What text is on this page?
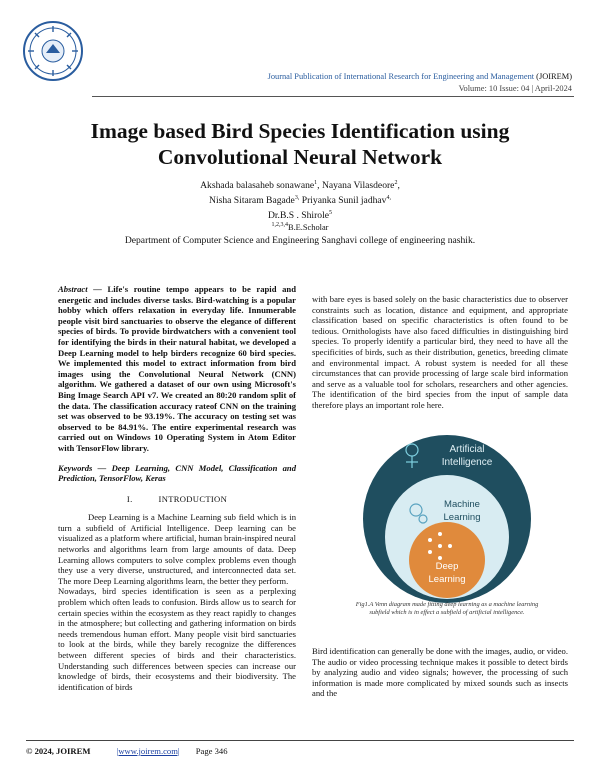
Journal Publication of International Research for Engineering and Management (JOIREM)
Volume: 10 Issue: 04 | April-2024
Image based Bird Species Identification using
Convolutional Neural Network
Akshada balasaheb sonawane$^1$, Nayana Vilasdeore$^2$,
Nisha Sitaram Bagade$^{3,}$ Priyanka Sunil jadhav$^{4,}$
Dr.B.S . Shirole$^5$
$^{1,2,3,4}$B.E.Scholar
Department of Computer Science and Engineering Sanghavi college of engineering nashik.

Abstract — Life's routine tempo appears to be rapid and energetic and includes diverse tasks. Bird-watching is a popular hobby which offers relaxation in everyday life. Innumerable people visit bird sanctuaries to observe the elegance of different species of birds. To provide birdwatchers with a convenient tool for identifying the birds in their natural habitat, we developed a Deep Learning model to help birders recognize 60 bird species. We implemented this model to extract information from bird images using the Convolutional Neural Network (CNN) algorithm. We gathered a dataset of our own using Microsoft's Bing Image Search API v7. We created an 80:20 random split of the data. The classification accuracy rateof CNN on the training set was observed to be 93.19%. The accuracy on testing set was observed to be 84.91%. The entire experimental research was carried out on Windows 10 Operating System in Atom Editor with TensorFlow library.

Keywords — Deep Learning, CNN Model, Classification and Prediction, TensorFlow, Keras

I.	INTRODUCTION

Deep Learning is a Machine Learning sub field which is in turn a subfield of Artificial Intelligence. Deep learning can be visualized as a platform where artificial, human brain-inspired neural networks and algorithms learn from large amounts of data. Deep Learning allows computers to solve complex problems even though they use a very diverse, unstructured, and interconnected data set. The more Deep Learning algorithms learn, the better they perform.

Nowadays, bird species identification is seen as a perplexing problem which often leads to confusion. Birds allow us to search for certain species within the ecosystem as they react rapidly to changes in the atmosphere; but collecting and gathering information on birds needs tremendous human effort. Many people visit bird sanctuaries to look at the birds, while they barely recognize the differences between different species of birds and their characteristics. Understanding such differences between species can increase our knowledge of birds, their ecosystems and their biodiversity. The identification of birds

with bare eyes is based solely on the basic characteristics due to observer constraints such as location, distance and equipment, and appropriate classification based on specific characteristics is often found to be tedious. Ornithologists have also faced difficulties in distinguishing bird species. To properly identify a particular bird, they need to have all the specificities of birds, such as their distribution, genetics, breeding climate and environmental impact. A robust system is needed for all these circumstances that can provide processing of large scale bird information and serve as a valuable tool for scholars, researchers and other agencies. The identification of the bird species from the input of sample data therefore plays an important role here.

Artificial
Intelligence
Machine
Learning
Deep
Learning
Fig1.A Venn diagram made fitting deep learning as a machine learning
subfield which is in effect a subfield of artificial intelligence.

Bird identification can generally be done with the images, audio, or video. The audio or video processing technique makes it possible to detect birds by analyzing audio and video signals; however, the processing of such information is made more complicated by mixed sounds such as insects and the

© 2024, JOIREM	|www.joirem.com| Page 346
